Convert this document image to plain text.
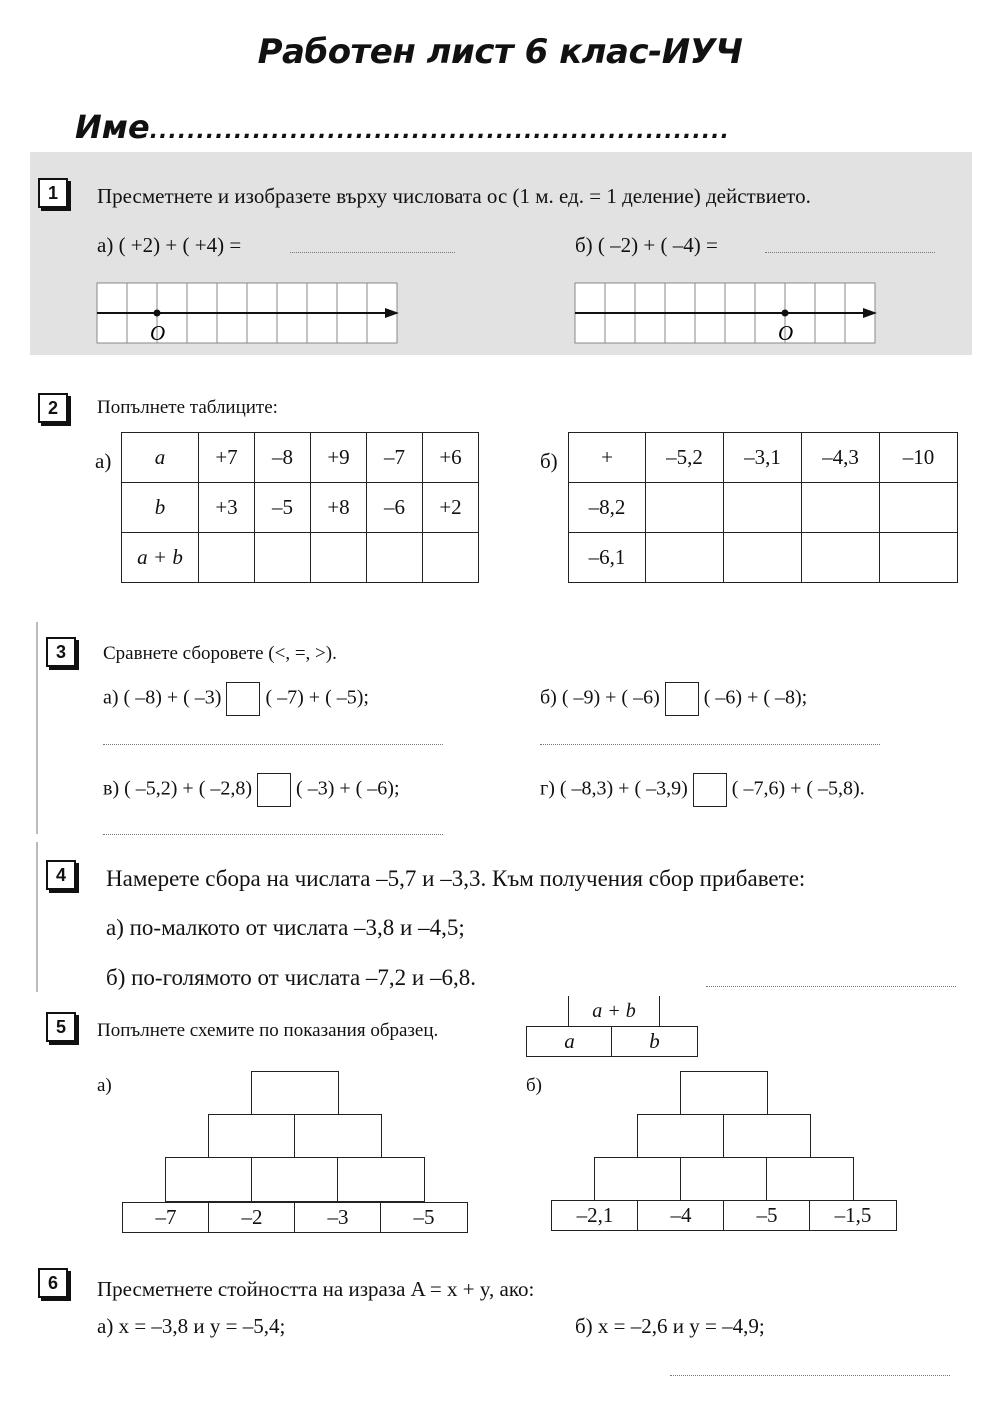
Работен лист 6 клас-ИУЧ
Име..............................................................
1	Пресметнете и изобразете върху числовата ос (1 м. ед. = 1 деление) действието.
а) ( +2) + ( +4) =	б) ( –2) + ( –4) =
O	O
2	Попълнете таблиците:
а) a	+7	–8	+9	–7	+6
b	+3	–5	+8	–6	+2
a + b					
б) +	–5,2	–3,1	–4,3	–10
–8,2				
–6,1				
3	Сравнете сборовете (<, =, >).
а) ( –8) + ( –3) ( –7) + ( –5);	б) ( –9) + ( –6) ( –6) + ( –8);
в) ( –5,2) + ( –2,8) ( –3) + ( –6);	г) ( –8,3) + ( –3,9) ( –7,6) + ( –5,8).
4	Намерете сбора на числата –5,7 и –3,3. Към получения сбор прибавете:
а) по-малкото от числата –3,8 и –4,5;
б) по-голямото от числата –7,2 и –6,8.
5	Попълнете схемите по показания образец.
a + b
a	b
а)	б)
–7	–2	–3	–5	–2,1	–4	–5	–1,5
6	Пресметнете стойността на израза A = x + y, ако:
а) x = –3,8 и y = –5,4;	б) x = –2,6 и y = –4,9;
